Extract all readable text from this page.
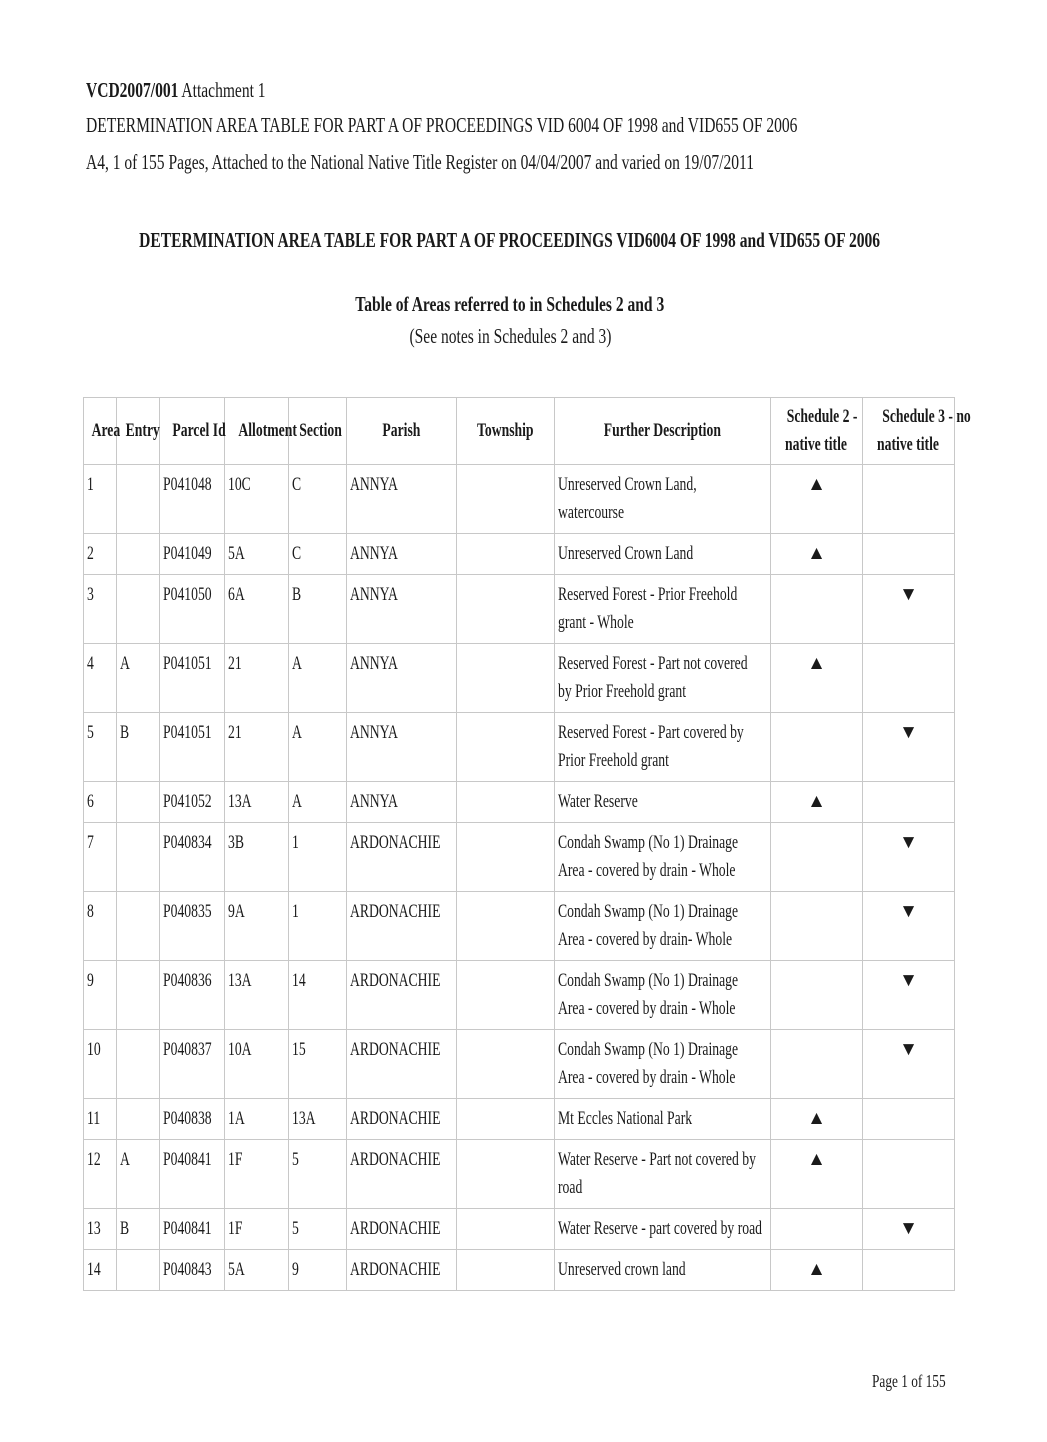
VCD2007/001 Attachment 1
DETERMINATION AREA TABLE FOR PART A OF PROCEEDINGS VID 6004 OF 1998 and VID655 OF 2006
A4, 1 of 155 Pages, Attached to the National Native Title Register on 04/04/2007 and varied on 19/07/2011
DETERMINATION AREA TABLE FOR PART A OF PROCEEDINGS VID6004 OF 1998 and VID655 OF 2006
Table of Areas referred to in Schedules 2 and 3
(See notes in Schedules 2 and 3)
Area	Entry	Parcel Id	Allotment	Section	Parish	Township	Further Description	Schedule 2 -
native title	Schedule 3 - no
native title
1		P041048	10C	C	ANNYA		Unreserved Crown Land, watercourse	▲	
2		P041049	5A	C	ANNYA		Unreserved Crown Land	▲	
3		P041050	6A	B	ANNYA		Reserved Forest - Prior Freehold grant - Whole		▼
4	A	P041051	21	A	ANNYA		Reserved Forest - Part not covered by Prior Freehold grant	▲	
5	B	P041051	21	A	ANNYA		Reserved Forest - Part covered by Prior Freehold grant		▼
6		P041052	13A	A	ANNYA		Water Reserve	▲	
7		P040834	3B	1	ARDONACHIE		Condah Swamp (No 1) Drainage Area - covered by drain - Whole		▼
8		P040835	9A	1	ARDONACHIE		Condah Swamp (No 1) Drainage Area - covered by drain- Whole		▼
9		P040836	13A	14	ARDONACHIE		Condah Swamp (No 1) Drainage Area - covered by drain - Whole		▼
10		P040837	10A	15	ARDONACHIE		Condah Swamp (No 1) Drainage Area - covered by drain - Whole		▼
11		P040838	1A	13A	ARDONACHIE		Mt Eccles National Park	▲	
12	A	P040841	1F	5	ARDONACHIE		Water Reserve - Part not covered by road	▲	
13	B	P040841	1F	5	ARDONACHIE		Water Reserve - part covered by road		▼
14		P040843	5A	9	ARDONACHIE		Unreserved crown land	▲	
Page 1 of 155
